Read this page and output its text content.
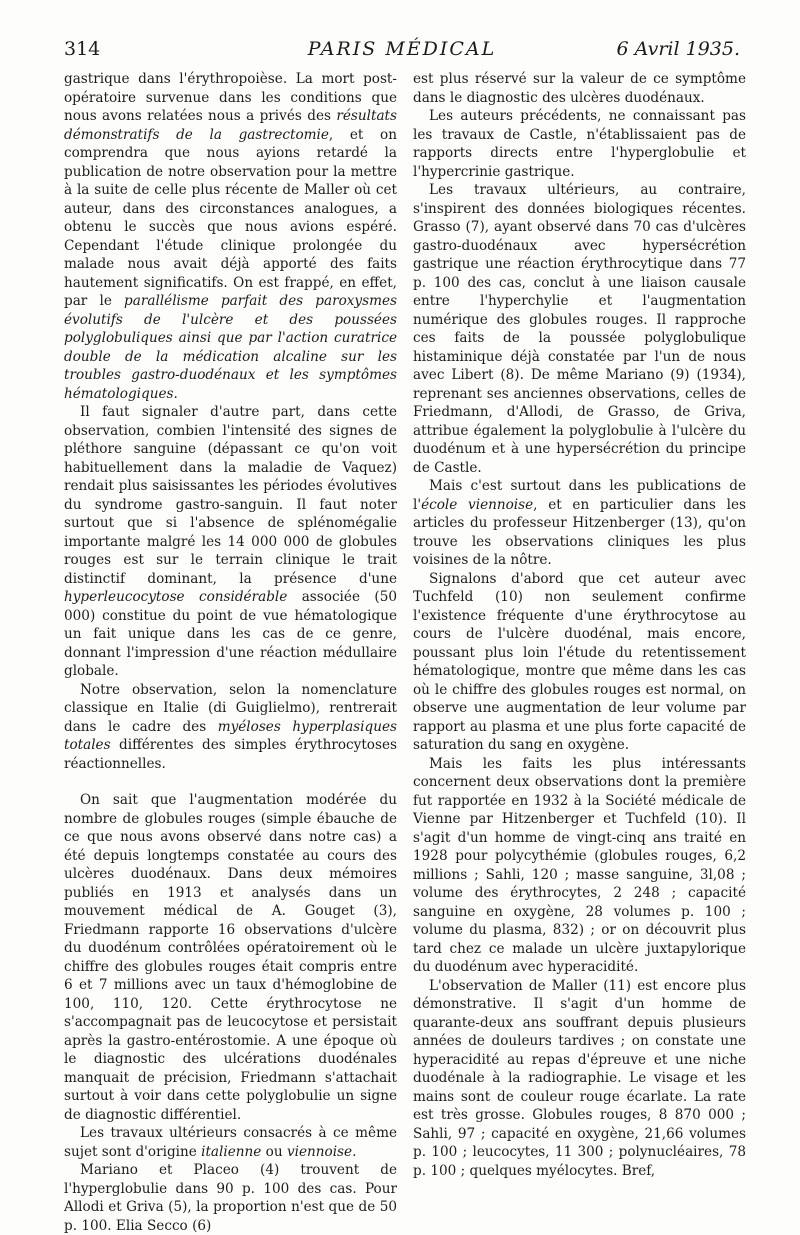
314	PARIS MÉDICAL	6 Avril 1935.

gastrique dans l'érythropoièse. La mort post-opératoire survenue dans les conditions que nous avons relatées nous a privés des résultats démonstratifs de la gastrectomie, et on comprendra que nous ayions retardé la publication de notre observation pour la mettre à la suite de celle plus récente de Maller où cet auteur, dans des circonstances analogues, a obtenu le succès que nous avions espéré. Cependant l'étude clinique prolongée du malade nous avait déjà apporté des faits hautement significatifs. On est frappé, en effet, par le parallélisme parfait des paroxysmes évolutifs de l'ulcère et des poussées polyglobuliques ainsi que par l'action curatrice double de la médication alcaline sur les troubles gastro-duodénaux et les symptômes hématologiques.

Il faut signaler d'autre part, dans cette observation, combien l'intensité des signes de pléthore sanguine (dépassant ce qu'on voit habituellement dans la maladie de Vaquez) rendait plus saisissantes les périodes évolutives du syndrome gastro-sanguin. Il faut noter surtout que si l'absence de splénomégalie importante malgré les 14 000 000 de globules rouges est sur le terrain clinique le trait distinctif dominant, la présence d'une hyperleucocytose considérable associée (50 000) constitue du point de vue hématologique un fait unique dans les cas de ce genre, donnant l'impression d'une réaction médullaire globale.

Notre observation, selon la nomenclature classique en Italie (di Guiglielmo), rentrerait dans le cadre des myéloses hyperplasiques totales différentes des simples érythrocytoses réactionnelles.

On sait que l'augmentation modérée du nombre de globules rouges (simple ébauche de ce que nous avons observé dans notre cas) a été depuis longtemps constatée au cours des ulcères duodénaux. Dans deux mémoires publiés en 1913 et analysés dans un mouvement médical de A. Gouget (3), Friedmann rapporte 16 observations d'ulcère du duodénum contrôlées opératoirement où le chiffre des globules rouges était compris entre 6 et 7 millions avec un taux d'hémoglobine de 100, 110, 120. Cette érythrocytose ne s'accompagnait pas de leucocytose et persistait après la gastro-entérostomie. A une époque où le diagnostic des ulcérations duodénales manquait de précision, Friedmann s'attachait surtout à voir dans cette polyglobulie un signe de diagnostic différentiel.

Les travaux ultérieurs consacrés à ce même sujet sont d'origine italienne ou viennoise.

Mariano et Placeo (4) trouvent de l'hyperglobulie dans 90 p. 100 des cas. Pour Allodi et Griva (5), la proportion n'est que de 50 p. 100. Elia Secco (6)

est plus réservé sur la valeur de ce symptôme dans le diagnostic des ulcères duodénaux.

Les auteurs précédents, ne connaissant pas les travaux de Castle, n'établissaient pas de rapports directs entre l'hyperglobulie et l'hypercrinie gastrique.

Les travaux ultérieurs, au contraire, s'inspirent des données biologiques récentes. Grasso (7), ayant observé dans 70 cas d'ulcères gastro-duodénaux avec hypersécrétion gastrique une réaction érythrocytique dans 77 p. 100 des cas, conclut à une liaison causale entre l'hyperchylie et l'augmentation numérique des globules rouges. Il rapproche ces faits de la poussée polyglobulique histaminique déjà constatée par l'un de nous avec Libert (8). De même Mariano (9) (1934), reprenant ses anciennes observations, celles de Friedmann, d'Allodi, de Grasso, de Griva, attribue également la polyglobulie à l'ulcère du duodénum et à une hypersécrétion du principe de Castle.

Mais c'est surtout dans les publications de l'école viennoise, et en particulier dans les articles du professeur Hitzenberger (13), qu'on trouve les observations cliniques les plus voisines de la nôtre.

Signalons d'abord que cet auteur avec Tuchfeld (10) non seulement confirme l'existence fréquente d'une érythrocytose au cours de l'ulcère duodénal, mais encore, poussant plus loin l'étude du retentissement hématologique, montre que même dans les cas où le chiffre des globules rouges est normal, on observe une augmentation de leur volume par rapport au plasma et une plus forte capacité de saturation du sang en oxygène.

Mais les faits les plus intéressants concernent deux observations dont la première fut rapportée en 1932 à la Société médicale de Vienne par Hitzenberger et Tuchfeld (10). Il s'agit d'un homme de vingt-cinq ans traité en 1928 pour polycythémie (globules rouges, 6,2 millions ; Sahli, 120 ; masse sanguine, 3l,08 ; volume des érythrocytes, 2 248 ; capacité sanguine en oxygène, 28 volumes p. 100 ; volume du plasma, 832) ; or on découvrit plus tard chez ce malade un ulcère juxtapylorique du duodénum avec hyperacidité.

L'observation de Maller (11) est encore plus démonstrative. Il s'agit d'un homme de quarante-deux ans souffrant depuis plusieurs années de douleurs tardives ; on constate une hyperacidité au repas d'épreuve et une niche duodénale à la radiographie. Le visage et les mains sont de couleur rouge écarlate. La rate est très grosse. Globules rouges, 8 870 000 ; Sahli, 97 ; capacité en oxygène, 21,66 volumes p. 100 ; leucocytes, 11 300 ; polynucléaires, 78 p. 100 ; quelques myélocytes. Bref,
